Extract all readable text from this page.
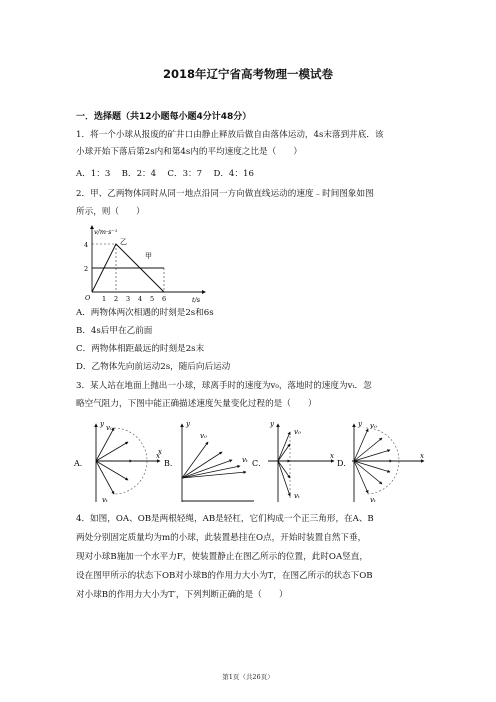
2018年辽宁省高考物理一模试卷
一．选择题（共12小题每小题4分计48分）
1．将一个小球从报废的矿井口由静止释放后做自由落体运动，4s末落到井底．该
小球开始下落后第2s内和第4s内的平均速度之比是（　　）
A．1：3　 B．2：4　 C．3：7　 D．4：16
2．甲、乙两物体同时从同一地点沿同一方向做直线运动的速度﹣时间图象如图
所示，则（　　）
v/m·s⁻¹
t/s
4
2
O 1 2 3 4 5 6
乙
甲
A．两物体两次相遇的时刻是2s和6s
B．4s后甲在乙前面
C．两物体相距最远的时刻是2s末
D．乙物体先向前运动2s，随后向后运动
3．某人站在地面上抛出一小球，球离手时的速度为v₀，落地时的速度为vₜ．忽
略空气阻力，下图中能正确描述速度矢量变化过程的是（　　）
A．
x
y v₀
vₜ
B．
y
x
v₀
vₜ C．
x
y
v₀
vₜ
D．
x
y v₀
vₜ
4．如图，OA、OB是两根轻绳，AB是轻杠，它们构成一个正三角形，在A、B
两处分别固定质量均为m的小球，此装置悬挂在O点，开始时装置自然下垂，
现对小球B施加一个水平力F，使装置静止在图乙所示的位置，此时OA竖直，
设在图甲所示的状态下OB对小球B的作用力大小为T，在图乙所示的状态下OB
对小球B的作用力大小为T′，下列判断正确的是（　　）
第1页（共26页）
